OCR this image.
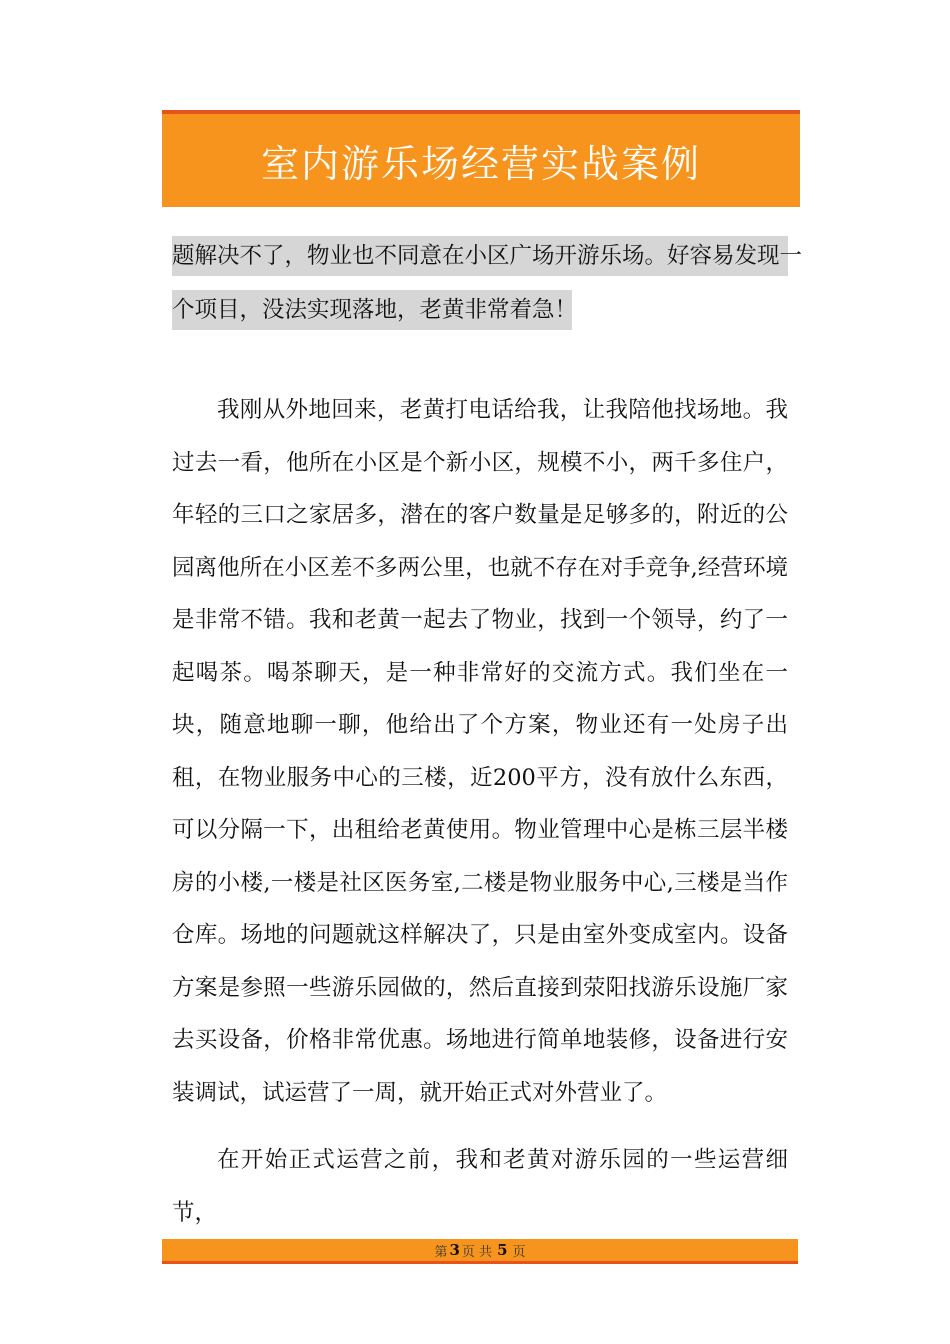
室内游乐场经营实战案例
题解决不了，物业也不同意在小区广场开游乐场。好容易发现一
个项目，没法实现落地，老黄非常着急！

我刚从外地回来，老黄打电话给我，让我陪他找场地。我过去一看，他所在小区是个新小区，规模不小，两千多住户，年轻的三口之家居多，潜在的客户数量是足够多的，附近的公园离他所在小区差不多两公里，也就不存在对手竞争,经营环境是非常不错。我和老黄一起去了物业，找到一个领导，约了一起喝茶。喝茶聊天，是一种非常好的交流方式。我们坐在一块，随意地聊一聊，他给出了个方案，物业还有一处房子出租，在物业服务中心的三楼，近200平方，没有放什么东西，可以分隔一下，出租给老黄使用。物业管理中心是栋三层半楼房的小楼,一楼是社区医务室,二楼是物业服务中心,三楼是当作仓库。场地的问题就这样解决了，只是由室外变成室内。设备方案是参照一些游乐园做的，然后直接到荥阳找游乐设施厂家去买设备，价格非常优惠。场地进行简单地装修，设备进行安装调试，试运营了一周，就开始正式对外营业了。

在开始正式运营之前，我和老黄对游乐园的一些运营细节，

第 3 页 共 5 页
